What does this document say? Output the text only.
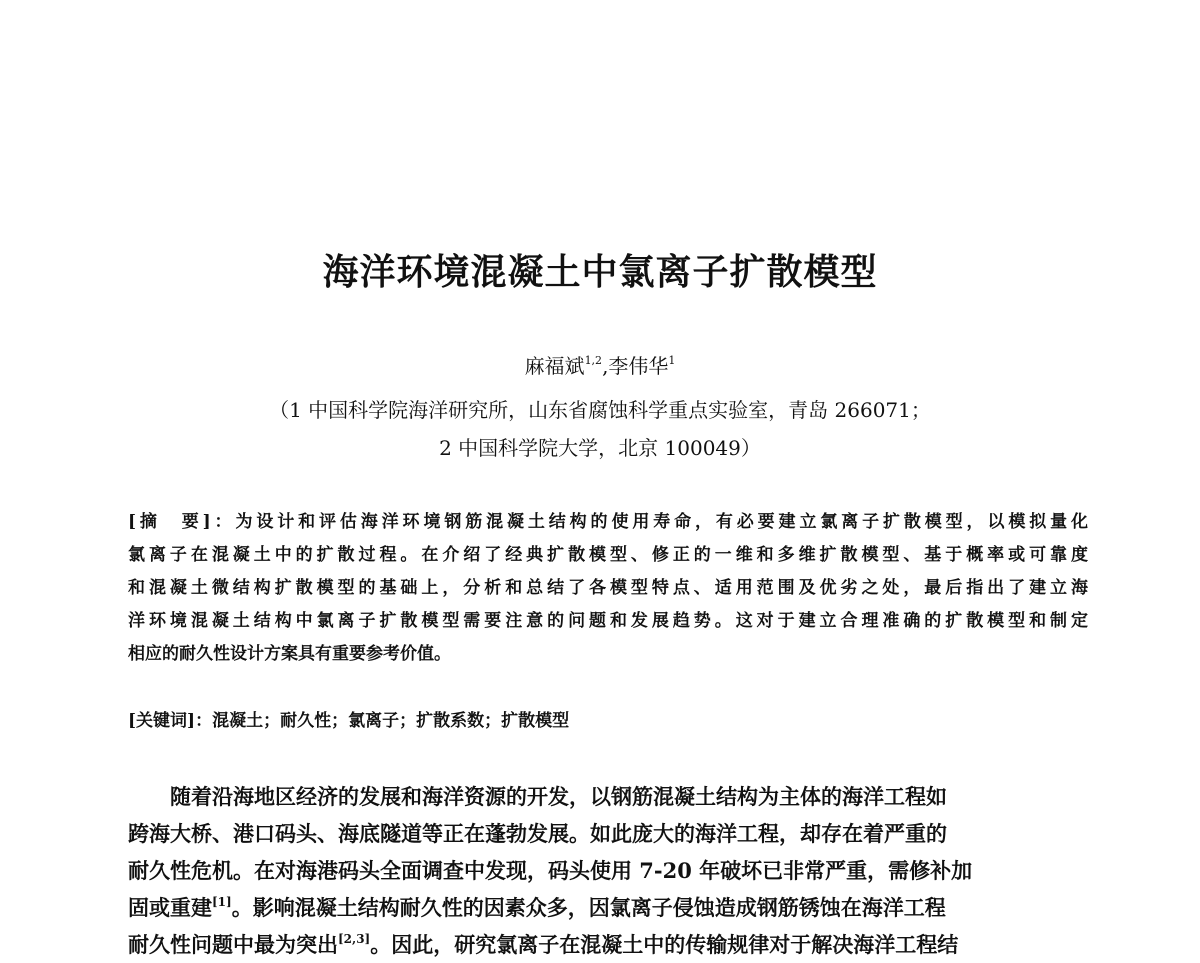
海洋环境混凝土中氯离子扩散模型
麻福斌$^{1,2}$,李伟华$^1$
（1 中国科学院海洋研究所，山东省腐蚀科学重点实验室，青岛 266071；
2 中国科学院大学，北京 100049）
[摘　要]：为设计和评估海洋环境钢筋混凝土结构的使用寿命，有必要建立氯离子扩散模型，以模拟量化
氯离子在混凝土中的扩散过程。在介绍了经典扩散模型、修正的一维和多维扩散模型、基于概率或可靠度
和混凝土微结构扩散模型的基础上，分析和总结了各模型特点、适用范围及优劣之处，最后指出了建立海
洋环境混凝土结构中氯离子扩散模型需要注意的问题和发展趋势。这对于建立合理准确的扩散模型和制定
相应的耐久性设计方案具有重要参考价值。
[关键词]：混凝土；耐久性；氯离子；扩散系数；扩散模型
随着沿海地区经济的发展和海洋资源的开发，以钢筋混凝土结构为主体的海洋工程如
跨海大桥、港口码头、海底隧道等正在蓬勃发展。如此庞大的海洋工程，却存在着严重的
耐久性危机。在对海港码头全面调查中发现，码头使用 7-20 年破坏已非常严重，需修补加
固或重建[1]。影响混凝土结构耐久性的因素众多，因氯离子侵蚀造成钢筋锈蚀在海洋工程
耐久性问题中最为突出[2,3]。因此，研究氯离子在混凝土中的传输规律对于解决海洋工程结
